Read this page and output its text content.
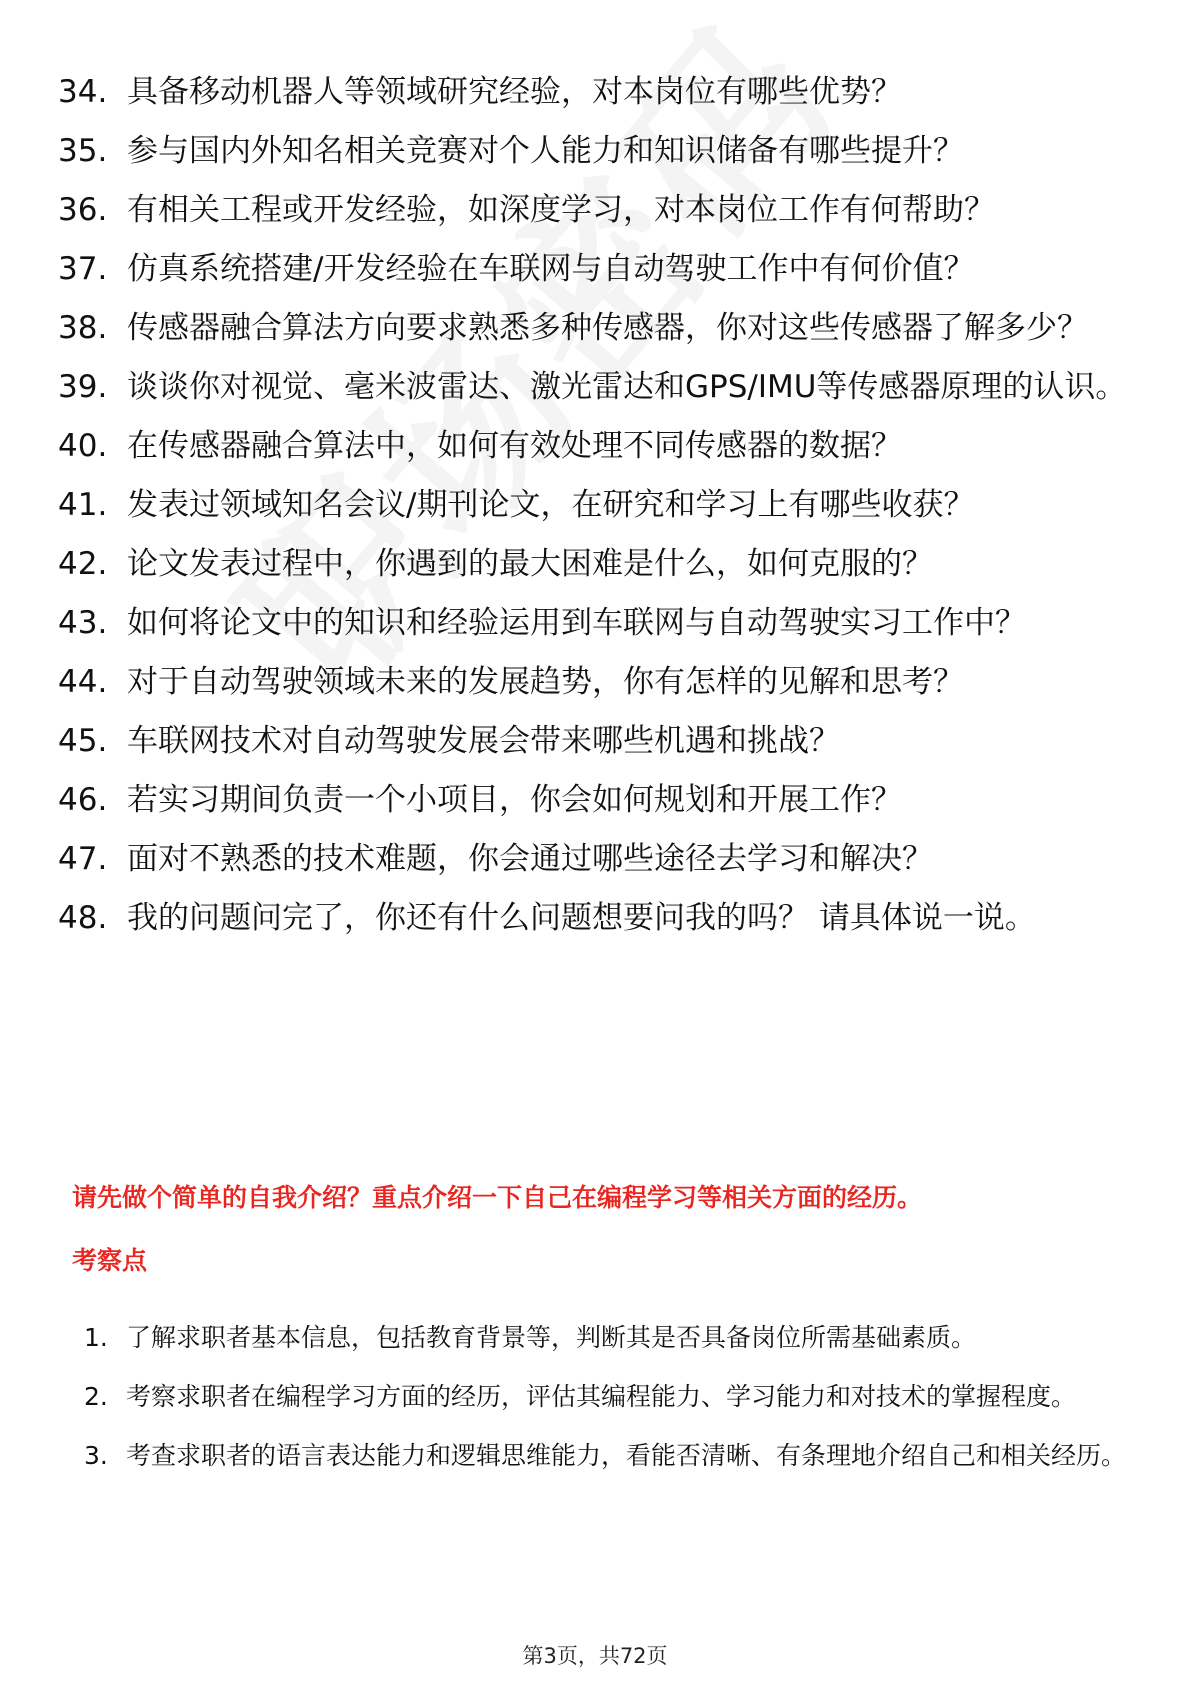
34. 具备移动机器人等领域研究经验，对本岗位有哪些优势？
35. 参与国内外知名相关竞赛对个人能力和知识储备有哪些提升？
36. 有相关工程或开发经验，如深度学习，对本岗位工作有何帮助？
37. 仿真系统搭建/开发经验在车联网与自动驾驶工作中有何价值？
38. 传感器融合算法方向要求熟悉多种传感器，你对这些传感器了解多少？
39. 谈谈你对视觉、毫米波雷达、激光雷达和GPS/IMU等传感器原理的认识。
40. 在传感器融合算法中，如何有效处理不同传感器的数据？
41. 发表过领域知名会议/期刊论文，在研究和学习上有哪些收获？
42. 论文发表过程中，你遇到的最大困难是什么，如何克服的？
43. 如何将论文中的知识和经验运用到车联网与自动驾驶实习工作中？
44. 对于自动驾驶领域未来的发展趋势，你有怎样的见解和思考？
45. 车联网技术对自动驾驶发展会带来哪些机遇和挑战？
46. 若实习期间负责一个小项目，你会如何规划和开展工作？
47. 面对不熟悉的技术难题，你会通过哪些途径去学习和解决？
48. 我的问题问完了，你还有什么问题想要问我的吗？ 请具体说一说。
请先做个简单的自我介绍？重点介绍一下自己在编程学习等相关方面的经历。
考察点
1. 了解求职者基本信息，包括教育背景等，判断其是否具备岗位所需基础素质。
2. 考察求职者在编程学习方面的经历，评估其编程能力、学习能力和对技术的掌握程度。
3. 考查求职者的语言表达能力和逻辑思维能力，看能否清晰、有条理地介绍自己和相关经历。
第3页，共72页
